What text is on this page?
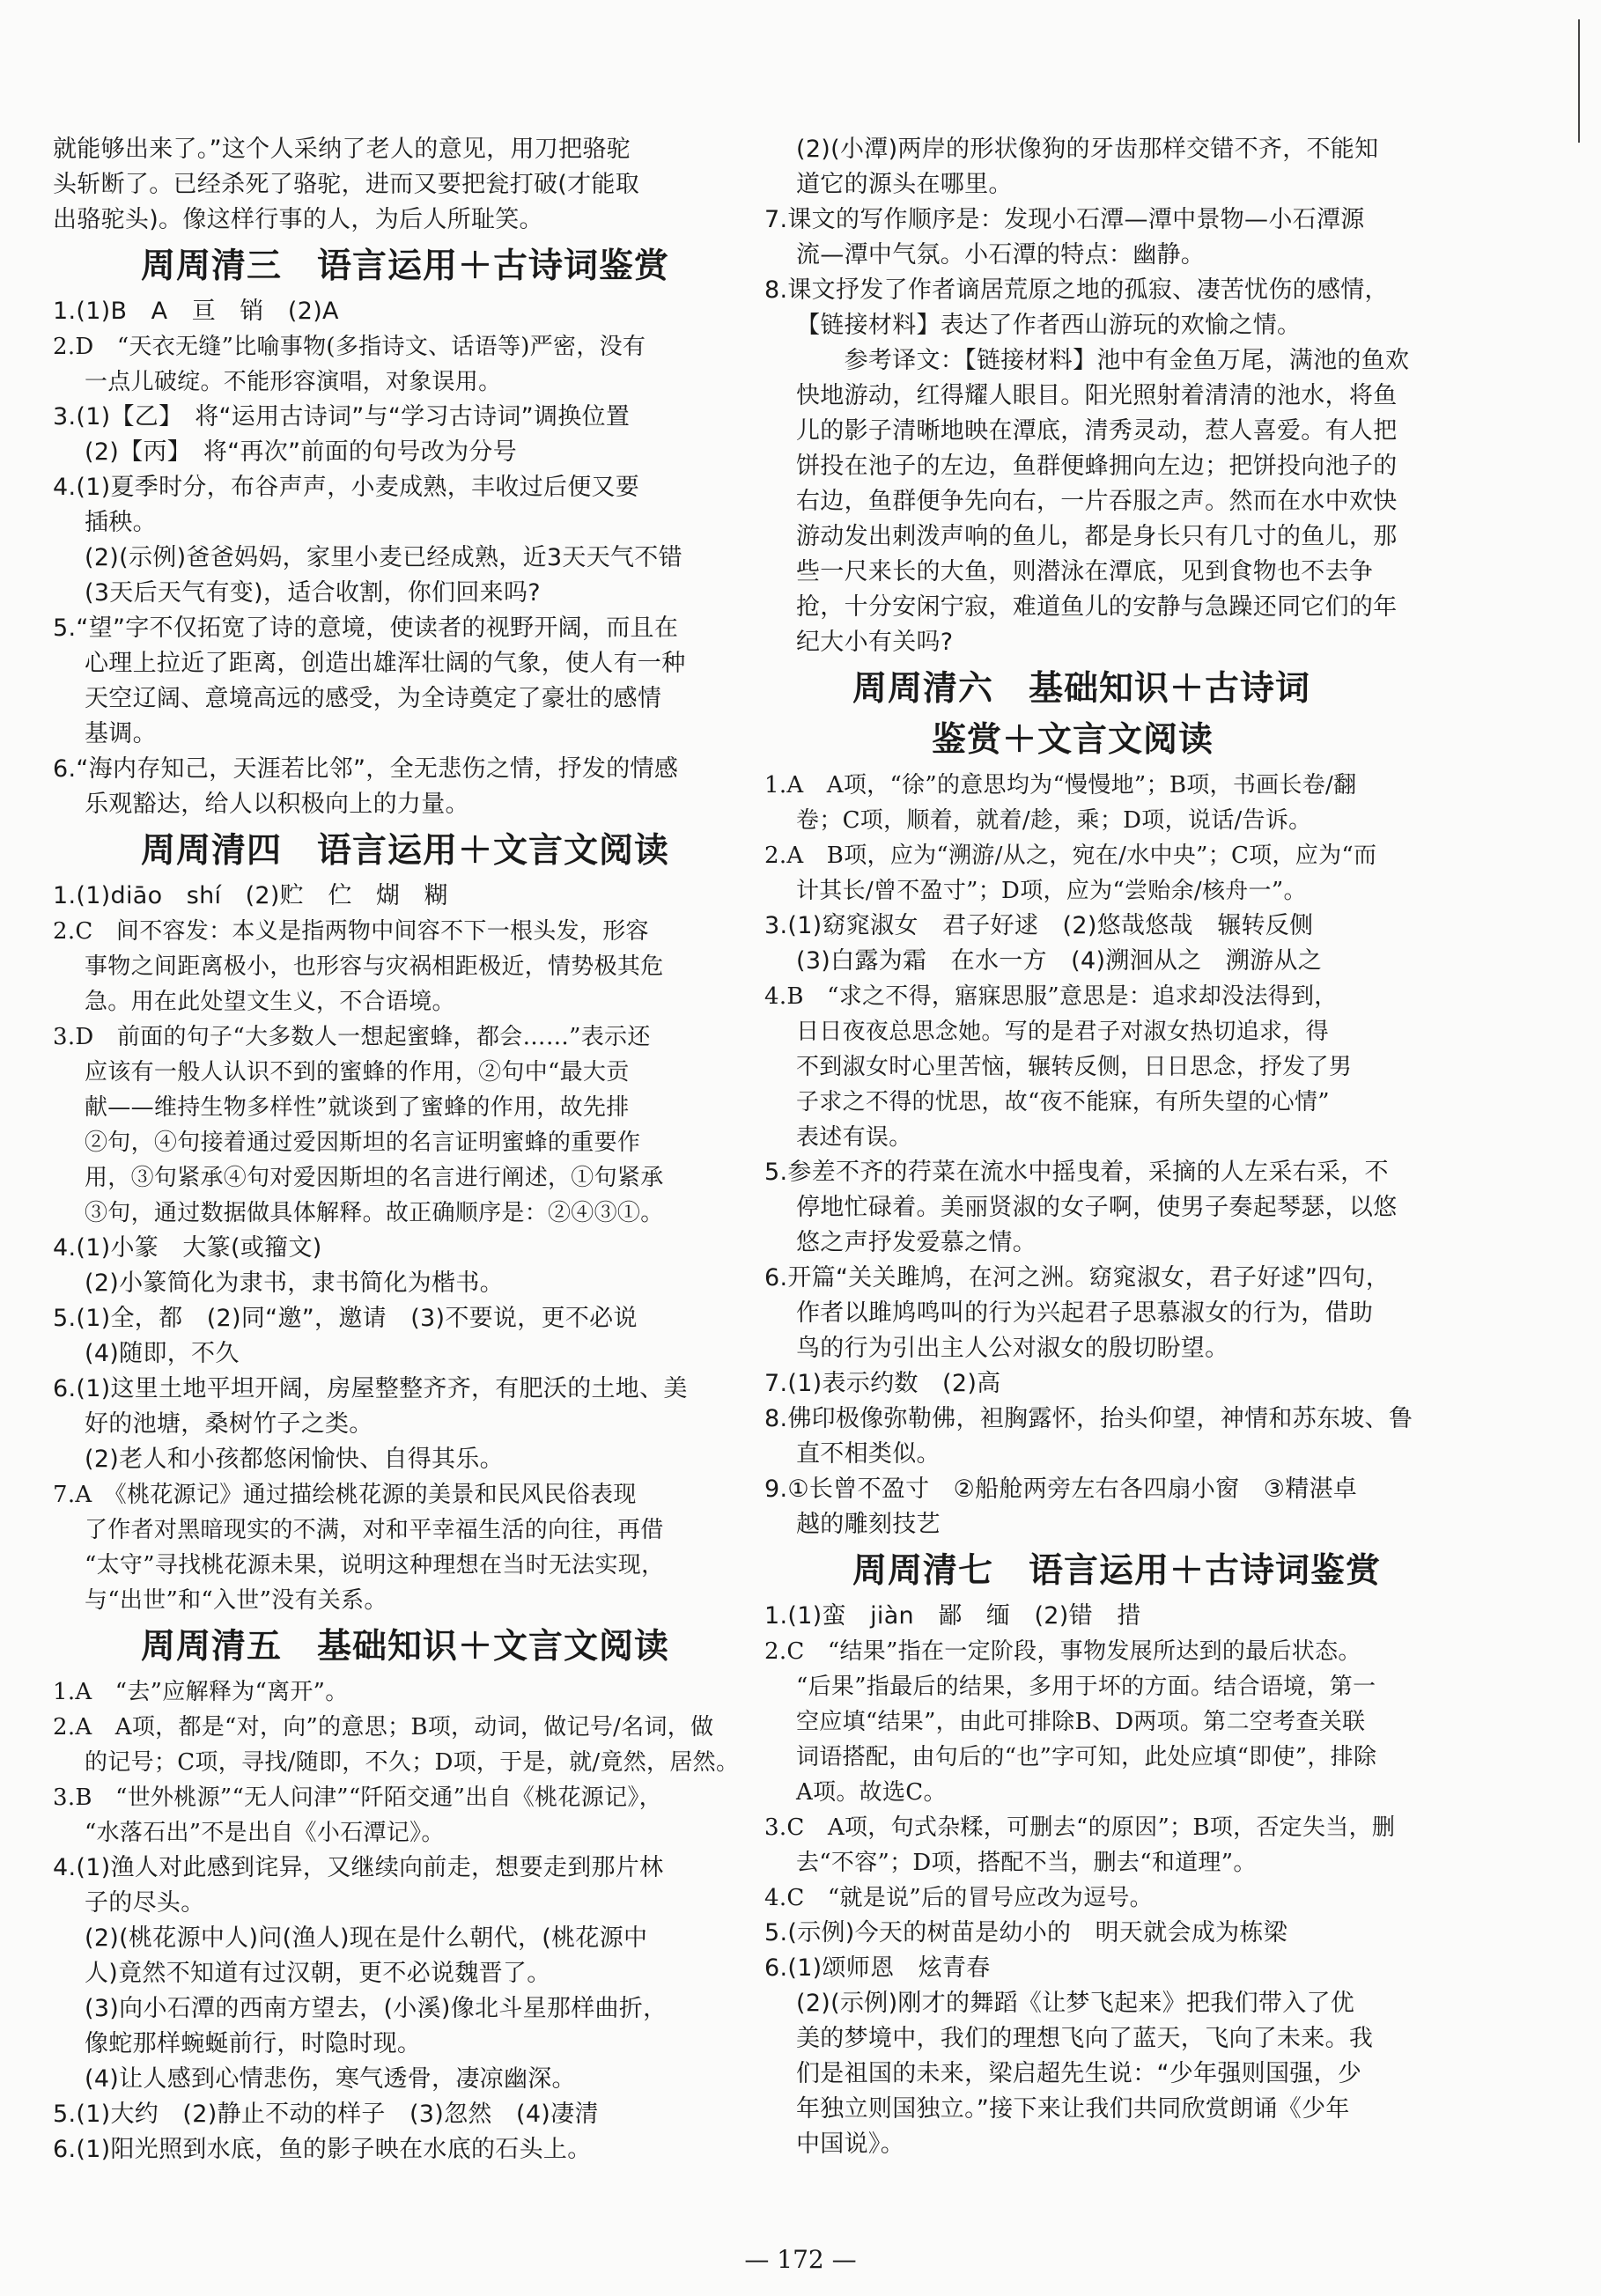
就能够出来了。”这个人采纳了老人的意见，用刀把骆驼
头斩断了。已经杀死了骆驼，进而又要把瓮打破(才能取
出骆驼头)。像这样行事的人，为后人所耻笑。
周周清三　语言运用＋古诗词鉴赏
1.(1)B　A　亘　销　(2)A
2.D　“天衣无缝”比喻事物(多指诗文、话语等)严密，没有
一点儿破绽。不能形容演唱，对象误用。
3.(1)【乙】　将“运用古诗词”与“学习古诗词”调换位置
(2)【丙】　将“再次”前面的句号改为分号
4.(1)夏季时分，布谷声声，小麦成熟，丰收过后便又要
插秧。
(2)(示例)爸爸妈妈，家里小麦已经成熟，近3天天气不错
(3天后天气有变)，适合收割，你们回来吗?
5.“望”字不仅拓宽了诗的意境，使读者的视野开阔，而且在
心理上拉近了距离，创造出雄浑壮阔的气象，使人有一种
天空辽阔、意境高远的感受，为全诗奠定了豪壮的感情
基调。
6.“海内存知己，天涯若比邻”，全无悲伤之情，抒发的情感
乐观豁达，给人以积极向上的力量。
周周清四　语言运用＋文言文阅读
1.(1)diāo　shí　(2)贮　伫　煳　糊
2.C　间不容发：本义是指两物中间容不下一根头发，形容
事物之间距离极小，也形容与灾祸相距极近，情势极其危
急。用在此处望文生义，不合语境。
3.D　前面的句子“大多数人一想起蜜蜂，都会……”表示还
应该有一般人认识不到的蜜蜂的作用，②句中“最大贡
献——维持生物多样性”就谈到了蜜蜂的作用，故先排
②句，④句接着通过爱因斯坦的名言证明蜜蜂的重要作
用，③句紧承④句对爱因斯坦的名言进行阐述，①句紧承
③句，通过数据做具体解释。故正确顺序是：②④③①。
4.(1)小篆　大篆(或籀文)
(2)小篆简化为隶书，隶书简化为楷书。
5.(1)全，都　(2)同“邀”，邀请　(3)不要说，更不必说
(4)随即，不久
6.(1)这里土地平坦开阔，房屋整整齐齐，有肥沃的土地、美
好的池塘，桑树竹子之类。
(2)老人和小孩都悠闲愉快、自得其乐。
7.A　《桃花源记》通过描绘桃花源的美景和民风民俗表现
了作者对黑暗现实的不满，对和平幸福生活的向往，再借
“太守”寻找桃花源未果，说明这种理想在当时无法实现，
与“出世”和“入世”没有关系。
周周清五　基础知识＋文言文阅读
1.A　“去”应解释为“离开”。
2.A　A项，都是“对，向”的意思；B项，动词，做记号/名词，做
的记号；C项，寻找/随即，不久；D项，于是，就/竟然，居然。
3.B　“世外桃源”“无人问津”“阡陌交通”出自《桃花源记》，
“水落石出”不是出自《小石潭记》。
4.(1)渔人对此感到诧异，又继续向前走，想要走到那片林
子的尽头。
(2)(桃花源中人)问(渔人)现在是什么朝代，(桃花源中
人)竟然不知道有过汉朝，更不必说魏晋了。
(3)向小石潭的西南方望去，(小溪)像北斗星那样曲折，
像蛇那样蜿蜒前行，时隐时现。
(4)让人感到心情悲伤，寒气透骨，凄凉幽深。
5.(1)大约　(2)静止不动的样子　(3)忽然　(4)凄清
6.(1)阳光照到水底，鱼的影子映在水底的石头上。
(2)(小潭)两岸的形状像狗的牙齿那样交错不齐，不能知
道它的源头在哪里。
7.课文的写作顺序是：发现小石潭—潭中景物—小石潭源
流—潭中气氛。小石潭的特点：幽静。
8.课文抒发了作者谪居荒原之地的孤寂、凄苦忧伤的感情，
【链接材料】表达了作者西山游玩的欢愉之情。
　　参考译文：【链接材料】池中有金鱼万尾，满池的鱼欢
快地游动，红得耀人眼目。阳光照射着清清的池水，将鱼
儿的影子清晰地映在潭底，清秀灵动，惹人喜爱。有人把
饼投在池子的左边，鱼群便蜂拥向左边；把饼投向池子的
右边，鱼群便争先向右，一片吞服之声。然而在水中欢快
游动发出刺泼声响的鱼儿，都是身长只有几寸的鱼儿，那
些一尺来长的大鱼，则潜泳在潭底，见到食物也不去争
抢，十分安闲宁寂，难道鱼儿的安静与急躁还同它们的年
纪大小有关吗?
周周清六　基础知识＋古诗词
鉴赏＋文言文阅读
1.A　A项，“徐”的意思均为“慢慢地”；B项，书画长卷/翻
卷；C项，顺着，就着/趁，乘；D项，说话/告诉。
2.A　B项，应为“溯游/从之，宛在/水中央”；C项，应为“而
计其长/曾不盈寸”；D项，应为“尝贻余/核舟一”。
3.(1)窈窕淑女　君子好逑　(2)悠哉悠哉　辗转反侧
(3)白露为霜　在水一方　(4)溯洄从之　溯游从之
4.B　“求之不得，寤寐思服”意思是：追求却没法得到，
日日夜夜总思念她。写的是君子对淑女热切追求，得
不到淑女时心里苦恼，辗转反侧，日日思念，抒发了男
子求之不得的忧思，故“夜不能寐，有所失望的心情”
表述有误。
5.参差不齐的荇菜在流水中摇曳着，采摘的人左采右采，不
停地忙碌着。美丽贤淑的女子啊，使男子奏起琴瑟，以悠
悠之声抒发爱慕之情。
6.开篇“关关雎鸠，在河之洲。窈窕淑女，君子好逑”四句，
作者以雎鸠鸣叫的行为兴起君子思慕淑女的行为，借助
鸟的行为引出主人公对淑女的殷切盼望。
7.(1)表示约数　(2)高
8.佛印极像弥勒佛，袒胸露怀，抬头仰望，神情和苏东坡、鲁
直不相类似。
9.①长曾不盈寸　②船舱两旁左右各四扇小窗　③精湛卓
越的雕刻技艺
周周清七　语言运用＋古诗词鉴赏
1.(1)蛮　jiàn　鄙　缅　(2)错　措
2.C　“结果”指在一定阶段，事物发展所达到的最后状态。
“后果”指最后的结果，多用于坏的方面。结合语境，第一
空应填“结果”，由此可排除B、D两项。第二空考查关联
词语搭配，由句后的“也”字可知，此处应填“即使”，排除
A项。故选C。
3.C　A项，句式杂糅，可删去“的原因”；B项，否定失当，删
去“不容”；D项，搭配不当，删去“和道理”。
4.C　“就是说”后的冒号应改为逗号。
5.(示例)今天的树苗是幼小的　明天就会成为栋梁
6.(1)颂师恩　炫青春
(2)(示例)刚才的舞蹈《让梦飞起来》把我们带入了优
美的梦境中，我们的理想飞向了蓝天，飞向了未来。我
们是祖国的未来，梁启超先生说：“少年强则国强，少
年独立则国独立。”接下来让我们共同欣赏朗诵《少年
中国说》。
— 172 —
